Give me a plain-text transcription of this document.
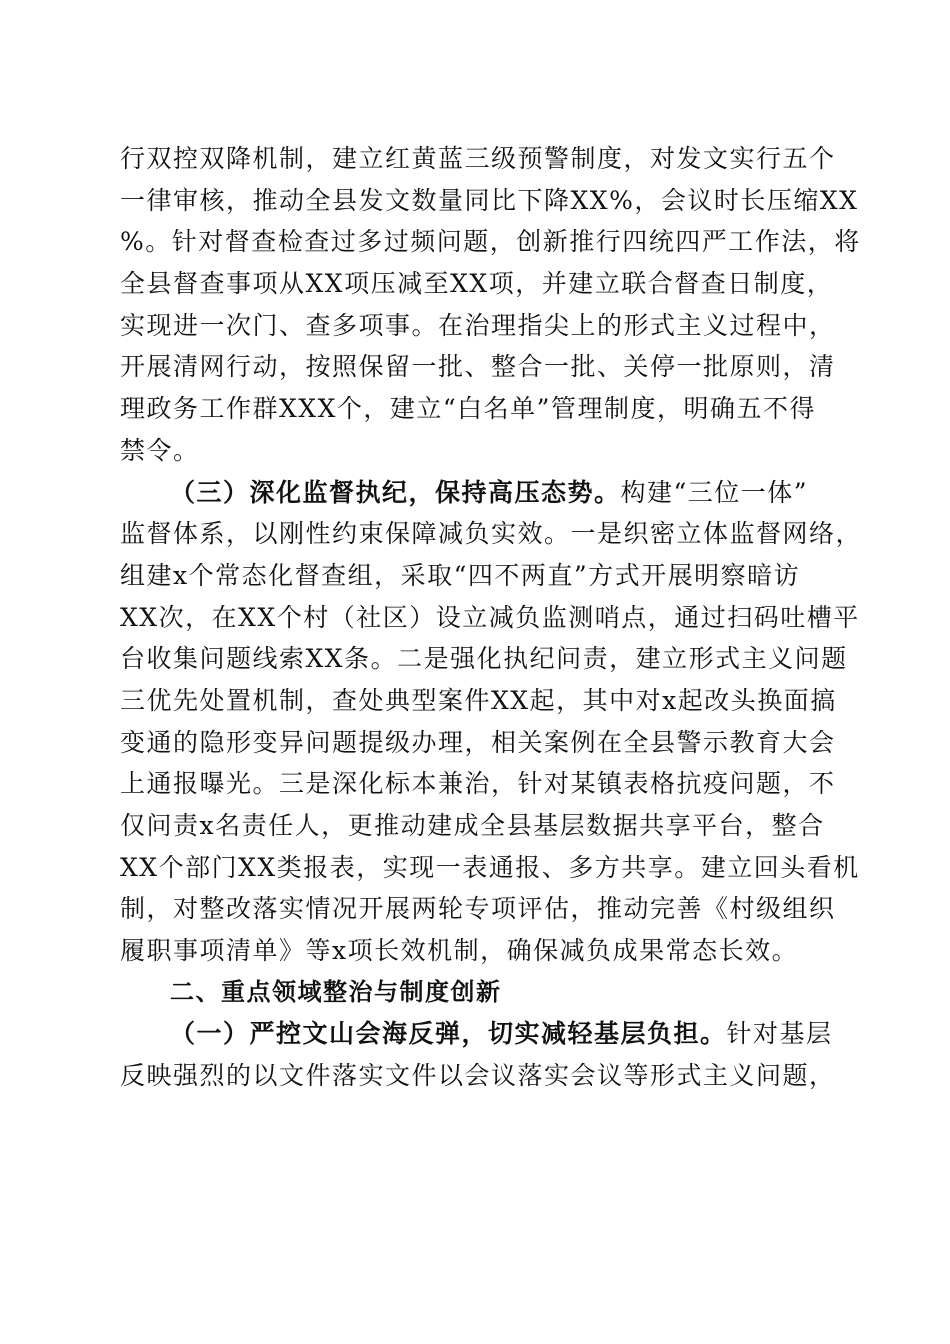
行双控双降机制，建立红黄蓝三级预警制度，对发文实行五个
一律审核，推动全县发文数量同比下降XX%，会议时长压缩XX
%。针对督查检查过多过频问题，创新推行四统四严工作法，将
全县督查事项从XX项压减至XX项，并建立联合督查日制度，
实现进一次门、查多项事。在治理指尖上的形式主义过程中，
开展清网行动，按照保留一批、整合一批、关停一批原则，清
理政务工作群XXX个，建立“白名单”管理制度，明确五不得
禁令。
（三）深化监督执纪，保持高压态势。构建“三位一体”
监督体系，以刚性约束保障减负实效。一是织密立体监督网络，
组建x个常态化督查组，采取“四不两直”方式开展明察暗访
XX次，在XX个村（社区）设立减负监测哨点，通过扫码吐槽平
台收集问题线索XX条。二是强化执纪问责，建立形式主义问题
三优先处置机制，查处典型案件XX起，其中对x起改头换面搞
变通的隐形变异问题提级办理，相关案例在全县警示教育大会
上通报曝光。三是深化标本兼治，针对某镇表格抗疫问题，不
仅问责x名责任人，更推动建成全县基层数据共享平台，整合
XX个部门XX类报表，实现一表通报、多方共享。建立回头看机
制，对整改落实情况开展两轮专项评估，推动完善《村级组织
履职事项清单》等x项长效机制，确保减负成果常态长效。
二、重点领域整治与制度创新
（一）严控文山会海反弹，切实减轻基层负担。针对基层
反映强烈的以文件落实文件以会议落实会议等形式主义问题，
